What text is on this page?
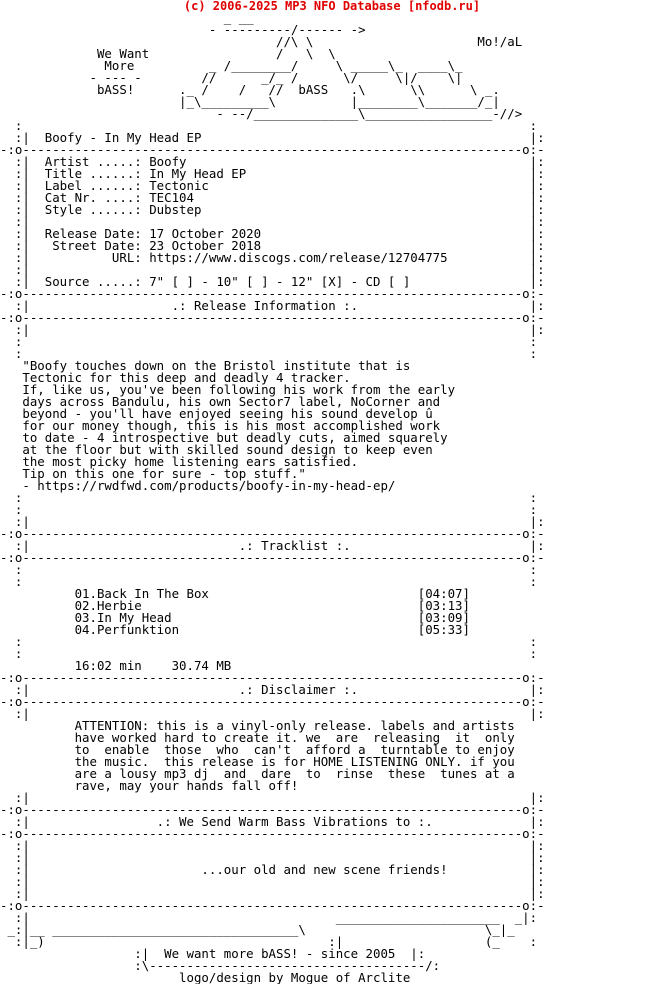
(c) 2006-2025 MP3 NFO Database [nfodb.ru]
_ __
- ---------/------ ->
//\ \                      Mo!/aL
We Want                 /   \  \
More          _ /________/     \ _____\_  ____\_
- --- -        //      _/_ /      \/     \|/    \|
bASS!      ._ /    /   //  bASS   .\      \\      \ _.
|_\_________\          |________\_______/_|
- --/______________\_________________-//>
:                                                                    :
:|  Boofy - In My Head EP                                            |:
-:o-------------------------------------------------------------------o:-
:|  Artist .....: Boofy                                              |:
:|  Title ......: In My Head EP                                      |:
:|  Label ......: Tectonic                                           |:
:|  Cat Nr. ....: TEC104                                             |:
:|  Style ......: Dubstep                                            |:
:|                                                                   |:
:|  Release Date: 17 October 2020                                    |:
:|   Street Date: 23 October 2018                                    |:
:|           URL: https://www.discogs.com/release/12704775           |:
:|                                                                   |:
:|  Source .....: 7" [ ] - 10" [ ] - 12" [X] - CD [ ]                |:
-:o-------------------------------------------------------------------o:-
:|                   .: Release Information :.                       |:
-:o-------------------------------------------------------------------o:-
:|                                                                   |:
:                                                                    :
:                                                                    :
"Boofy touches down on the Bristol institute that is
Tectonic for this deep and deadly 4 tracker.
If, like us, you've been following his work from the early
days across Bandulu, his own Sector7 label, NoCorner and
beyond - you'll have enjoyed seeing his sound develop û
for our money though, this is his most accomplished work
to date - 4 introspective but deadly cuts, aimed squarely
at the floor but with skilled sound design to keep even
the most picky home listening ears satisfied.
Tip on this one for sure - top stuff."
- https://rwdfwd.com/products/boofy-in-my-head-ep/
:                                                                    :
:                                                                    :
:|                                                                   |:
-:o-------------------------------------------------------------------o:-
:|                            .: Tracklist :.                        |:
-:o-------------------------------------------------------------------o:-
:                                                                    :
:                                                                    :
01.Back In The Box                            [04:07]
02.Herbie                                     [03:13]
03.In My Head                                 [03:09]
04.Perfunktion                                [05:33]
:                                                                    :
:                                                                    :
16:02 min    30.74 MB
-:o-------------------------------------------------------------------o:-
:|                            .: Disclaimer :.                       |:
-:o-------------------------------------------------------------------o:-
:|                                                                   |:
ATTENTION: this is a vinyl-only release. labels and artists
have worked hard to create it. we  are  releasing  it  only
to  enable  those  who  can't  afford a  turntable to enjoy
the music.  this release is for HOME LISTENING ONLY. if you
are a lousy mp3 dj  and  dare  to  rinse  these  tunes at a
rave, may your hands fall off!
:|                                                                   |:
-:o-------------------------------------------------------------------o:-
:|                 .: We Send Warm Bass Vibrations to :.             |:
-:o-------------------------------------------------------------------o:-
:|                                                                   |:
:|                                                                   |:
:|                       ...our old and new scene friends!           |:
:|                                                                   |:
:|                                                                   |:
-:o-------------------------------------------------------------------o:-
:|                                         ______________________  _|:
_:|__ _________________________________\                        \_|_
:|_)                                      :|                   (_    :
:|  We want more bASS! - since 2005  |:
:\-------------------------------------/:
logo/design by Mogue of Arclite
